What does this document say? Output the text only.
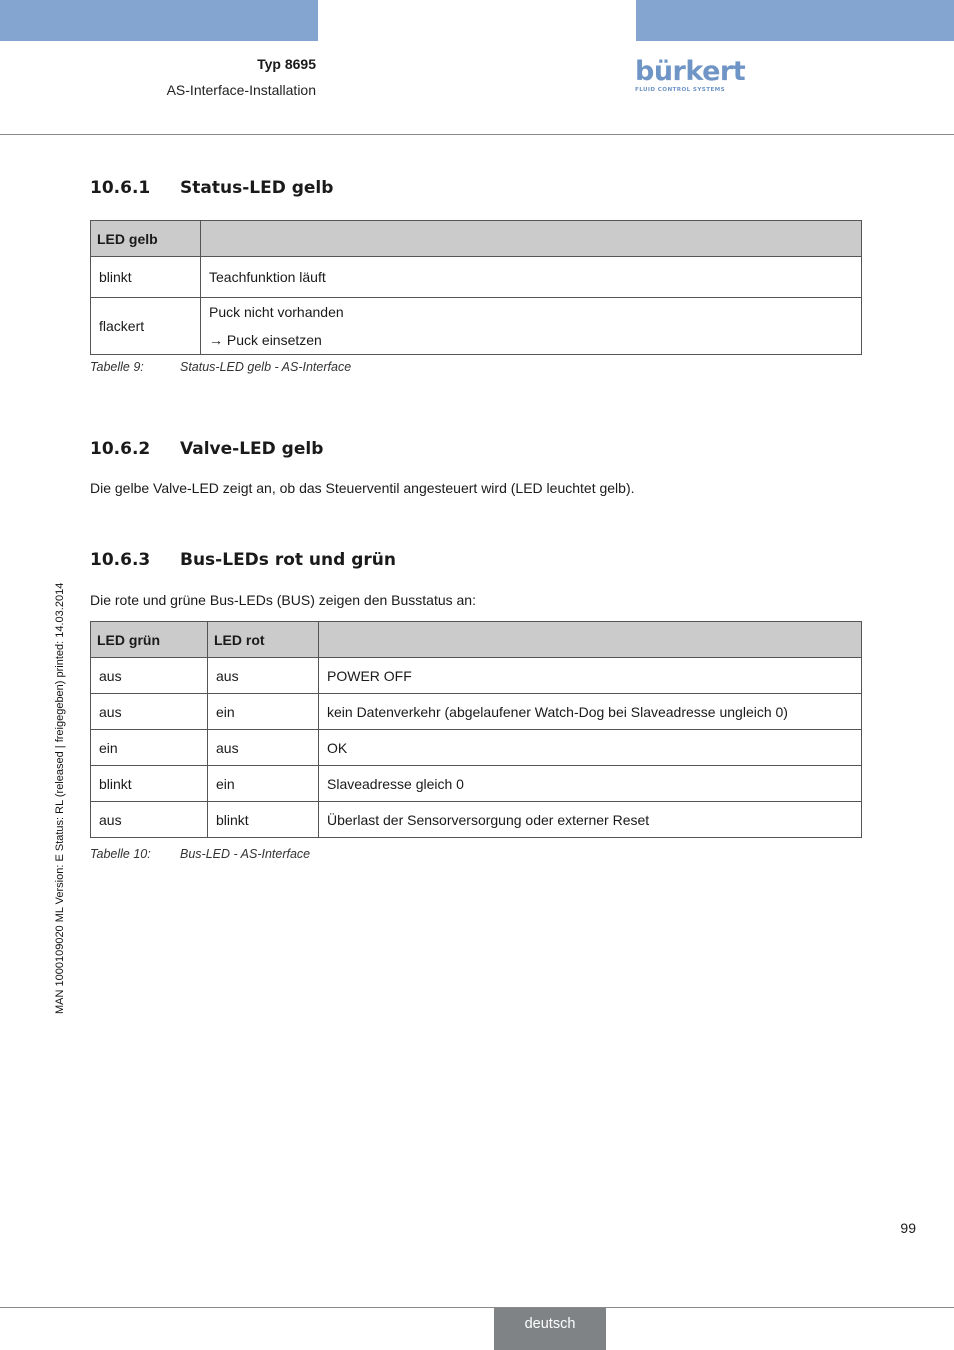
Typ 8695
AS-Interface-Installation
bürkert
FLUID CONTROL SYSTEMS
10.6.1 Status-LED gelb
LED gelb	
blinkt	Teachfunktion läuft

flackert	Puck nicht vorhanden
→ Puck einsetzen
Tabelle 9:	Status-LED gelb - AS-Interface
10.6.2 Valve-LED gelb
Die gelbe Valve-LED zeigt an, ob das Steuerventil angesteuert wird (LED leuchtet gelb).
10.6.3 Bus-LEDs rot und grün
Die rote und grüne Bus-LEDs (BUS) zeigen den Busstatus an:
LED grün	LED rot	
aus	aus	POWER OFF
aus	ein	kein Datenverkehr (abgelaufener Watch-Dog bei Slaveadresse ungleich 0)
ein	aus	OK
blinkt	ein	Slaveadresse gleich 0
aus	blinkt	Überlast der Sensorversorgung oder externer Reset
Tabelle 10: Bus-LED - AS-Interface
MAN 1000109020 ML Version: E Status: RL (released | freigegeben) printed: 14.03.2014
99
deutsch
